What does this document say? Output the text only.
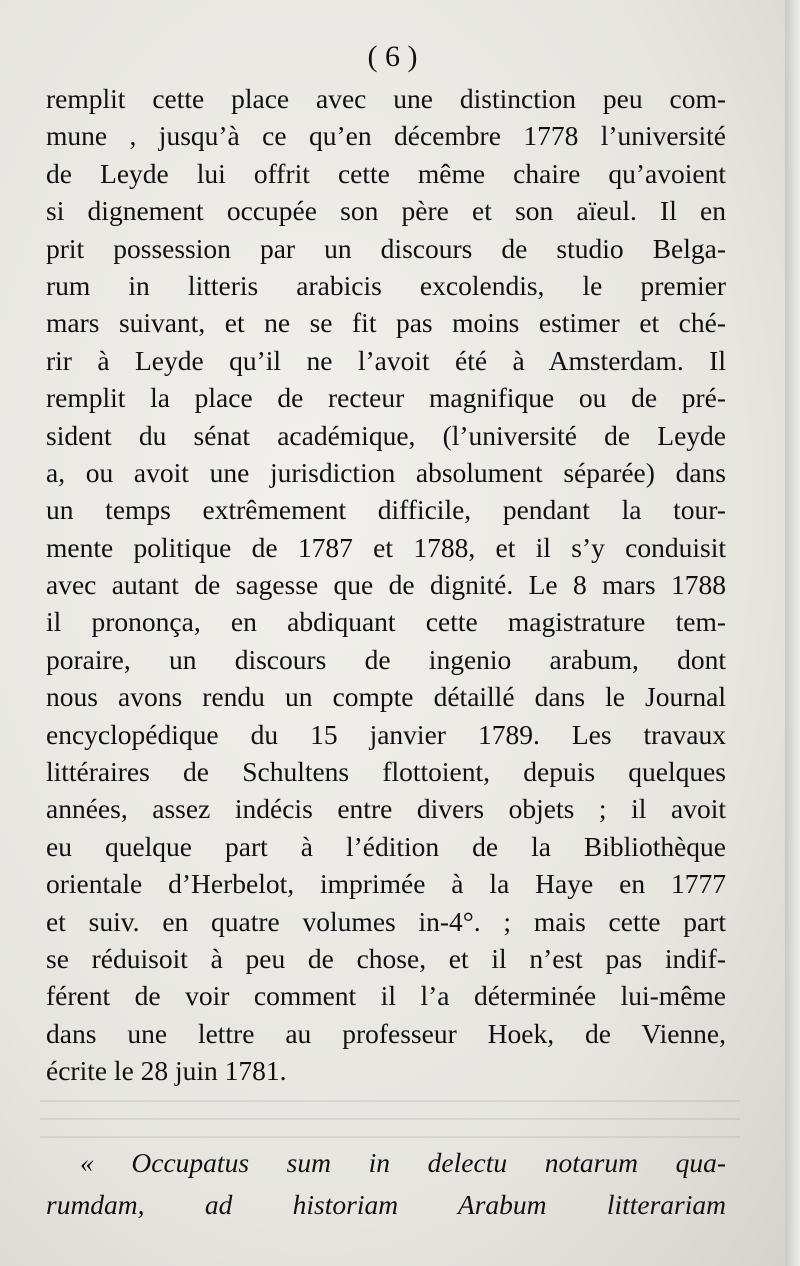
( 6 )
remplit cette place avec une distinction peu com-
mune , jusqu’à ce qu’en décembre 1778 l’université
de Leyde lui offrit cette même chaire qu’avoient
si dignement occupée son père et son aïeul. Il en
prit possession par un discours de studio Belga-
rum in litteris arabicis excolendis, le premier
mars suivant, et ne se fit pas moins estimer et ché-
rir à Leyde qu’il ne l’avoit été à Amsterdam. Il
remplit la place de recteur magnifique ou de pré-
sident du sénat académique, (l’université de Leyde
a, ou avoit une jurisdiction absolument séparée) dans
un temps extrêmement difficile, pendant la tour-
mente politique de 1787 et 1788, et il s’y conduisit
avec autant de sagesse que de dignité. Le 8 mars 1788
il prononça, en abdiquant cette magistrature tem-
poraire, un discours de ingenio arabum, dont
nous avons rendu un compte détaillé dans le Journal
encyclopédique du 15 janvier 1789. Les travaux
littéraires de Schultens flottoient, depuis quelques
années, assez indécis entre divers objets ; il avoit
eu quelque part à l’édition de la Bibliothèque
orientale d’Herbelot, imprimée à la Haye en 1777
et suiv. en quatre volumes in-4°. ; mais cette part
se réduisoit à peu de chose, et il n’est pas indif-
férent de voir comment il l’a déterminée lui-même
dans une lettre au professeur Hoek, de Vienne,
écrite le 28 juin 1781.
« Occupatus sum in delectu notarum qua-
rumdam, ad historiam Arabum litterariam
